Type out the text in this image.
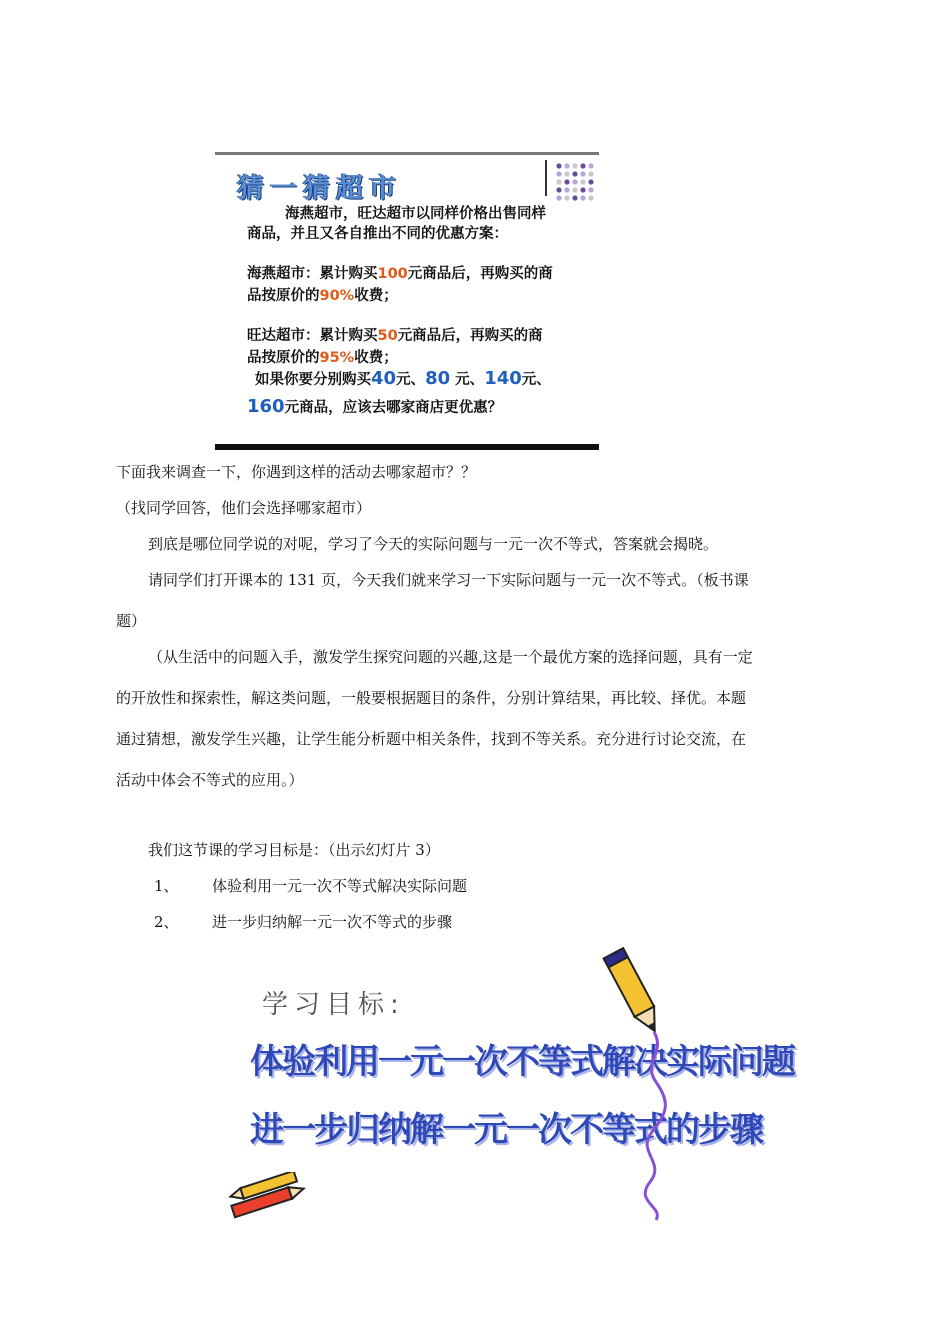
猜一猜超市
海燕超市，旺达超市以同样价格出售同样
商品，并且又各自推出不同的优惠方案：
海燕超市：累计购买100元商品后，再购买的商
品按原价的90%收费；
旺达超市：累计购买50元商品后，再购买的商
品按原价的95%收费；
如果你要分别购买40元、80 元、140元、
160元商品，应该去哪家商店更优惠？
下面我来调查一下，你遇到这样的活动去哪家超市？？
（找同学回答，他们会选择哪家超市）
到底是哪位同学说的对呢，学习了今天的实际问题与一元一次不等式，答案就会揭晓。
请同学们打开课本的 131 页，今天我们就来学习一下实际问题与一元一次不等式。（板书课
题）
（从生活中的问题入手，激发学生探究问题的兴趣,这是一个最优方案的选择问题，具有一定
的开放性和探索性，解这类问题，一般要根据题目的条件，分别计算结果，再比较、择优。本题
通过猜想，激发学生兴趣，让学生能分析题中相关条件，找到不等关系。充分进行讨论交流，在
活动中体会不等式的应用。）
我们这节课的学习目标是：（出示幻灯片 3）
1、 体验利用一元一次不等式解决实际问题
2、 进一步归纳解一元一次不等式的步骤
学习目标:
体验利用一元一次不等式解决实际问题
进一步归纳解一元一次不等式的步骤
